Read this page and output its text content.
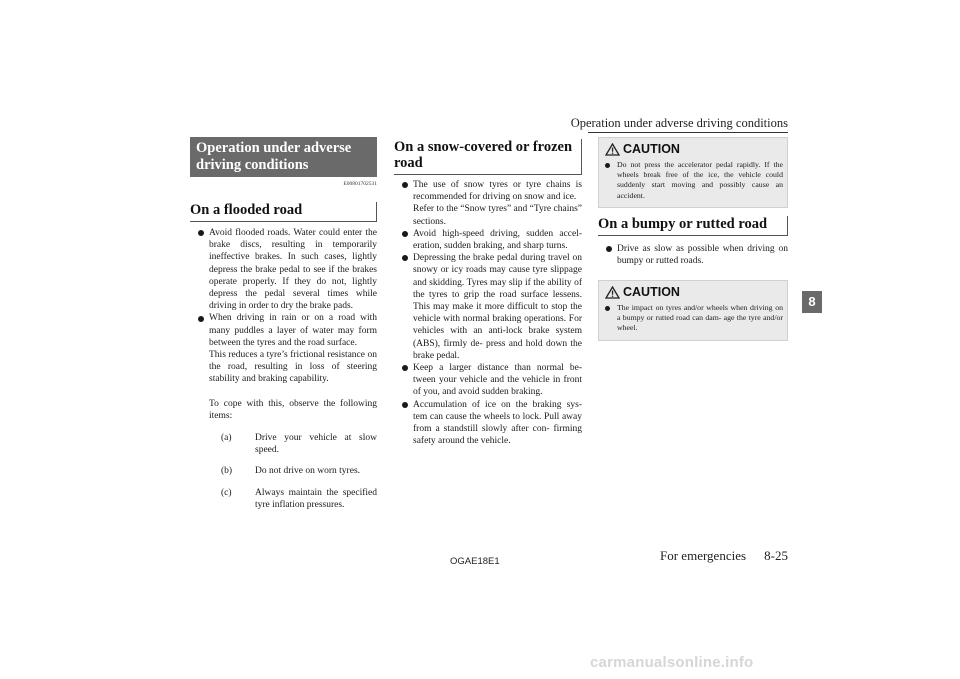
Operation under adverse driving conditions
Operation under adverse driving conditions
E00801702531
On a flooded road

Avoid flooded roads. Water could enter the brake discs, resulting in temporarily ineffective brakes. In such cases, lightly depress the brake pedal to see if the brakes operate properly. If they do not, lightly depress the pedal several times while driving in order to dry the brake pads.

When driving in rain or on a road with many puddles a layer of water may form between the tyres and the road surface.

This reduces a tyre’s frictional resistance on the road, resulting in loss of steering stability and braking capability.

To cope with this, observe the following items:

(a)	Drive your vehicle at slow speed.
(b)	Do not drive on worn tyres.
(c)	Always maintain the specified tyre inflation pressures.
On a snow-covered or frozen road

The use of snow tyres or tyre chains is recommended for driving on snow and ice.

Refer to the “Snow tyres” and “Tyre chains” sections.

Avoid high-speed driving, sudden accel- eration, sudden braking, and sharp turns.

Depressing the brake pedal during travel on snowy or icy roads may cause tyre slippage and skidding. Tyres may slip if the ability of the tyres to grip the road surface lessens. This may make it more difficult to stop the vehicle with normal braking operations. For vehicles with an anti-lock brake system (ABS), firmly de- press and hold down the brake pedal.

Keep a larger distance than normal be- tween your vehicle and the vehicle in front of you, and avoid sudden braking.

Accumulation of ice on the braking sys- tem can cause the wheels to lock. Pull away from a standstill slowly after con- firming safety around the vehicle.

CAUTION

Do not press the accelerator pedal rapidly. If the wheels break free of the ice, the vehicle could suddenly start moving and possibly cause an accident.

On a bumpy or rutted road

Drive as slow as possible when driving on bumpy or rutted roads.

CAUTION

The impact on tyres and/or wheels when driving on a bumpy or rutted road can dam- age the tyre and/or wheel.

8
OGAE18E1	For emergencies	8-25
carmanualsonline.info
